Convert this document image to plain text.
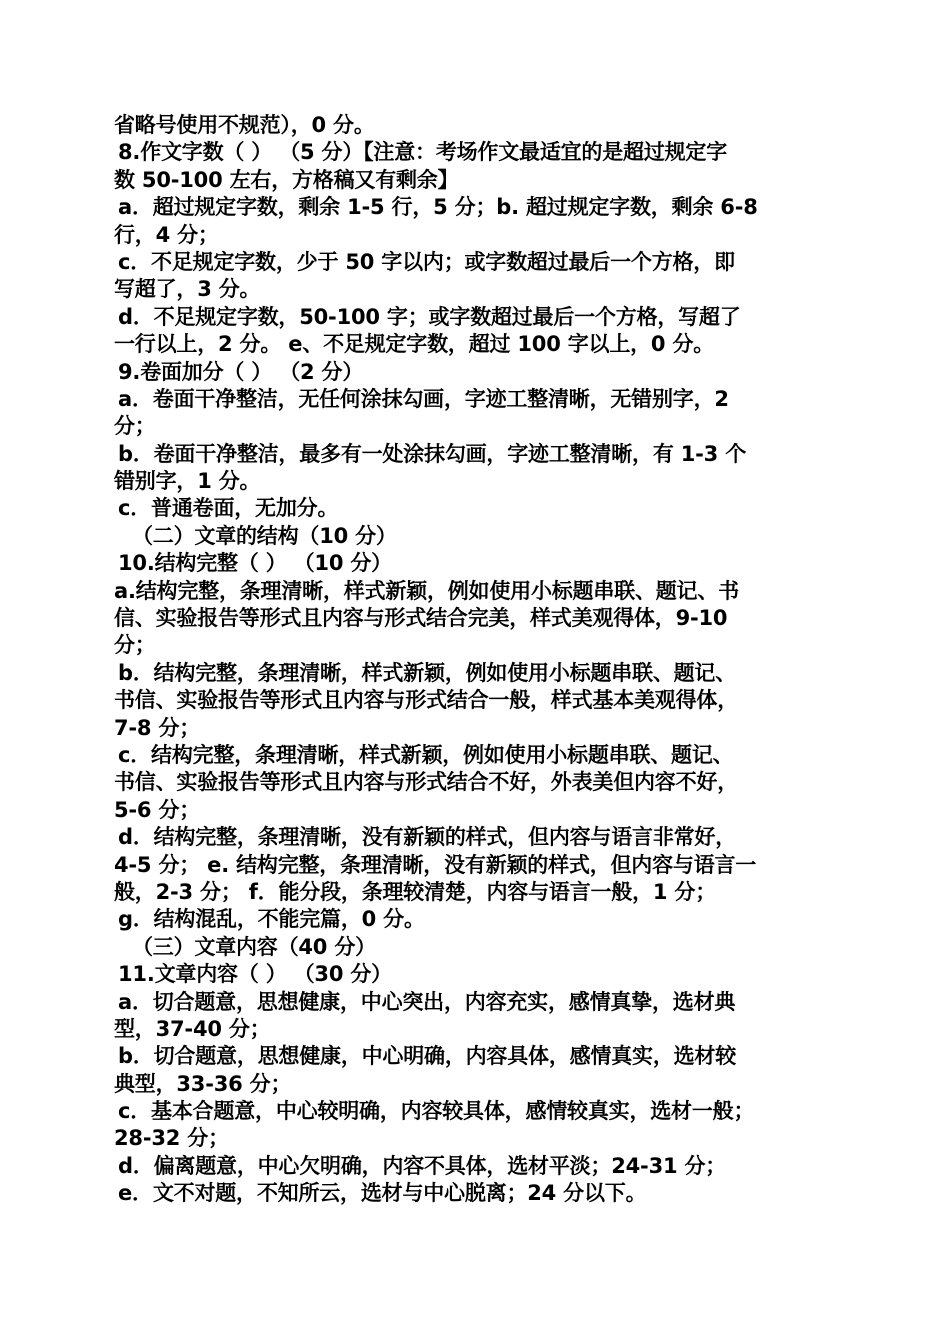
省略号使用不规范），0 分。
8.作文字数（ ） （5 分）【注意：考场作文最适宜的是超过规定字
数 50-100 左右，方格稿又有剩余】
a．超过规定字数，剩余 1-5 行，5 分；b. 超过规定字数，剩余 6-8
行，4 分；
c．不足规定字数，少于 50 字以内；或字数超过最后一个方格，即
写超了，3 分。
d．不足规定字数，50-100 字；或字数超过最后一个方格，写超了
一行以上，2 分。 e、不足规定字数，超过 100 字以上，0 分。
9.卷面加分（ ） （2 分）
a．卷面干净整洁，无任何涂抹勾画，字迹工整清晰，无错别字，2
分；
b．卷面干净整洁，最多有一处涂抹勾画，字迹工整清晰，有 1-3 个
错别字，1 分。
c．普通卷面，无加分。
（二）文章的结构（10 分）
10.结构完整（ ） （10 分）
a.结构完整，条理清晰，样式新颖，例如使用小标题串联、题记、书
信、实验报告等形式且内容与形式结合完美，样式美观得体，9-10
分；
b．结构完整，条理清晰，样式新颖，例如使用小标题串联、题记、
书信、实验报告等形式且内容与形式结合一般，样式基本美观得体，
7-8 分；
c．结构完整，条理清晰，样式新颖，例如使用小标题串联、题记、
书信、实验报告等形式且内容与形式结合不好，外表美但内容不好，
5-6 分；
d．结构完整，条理清晰，没有新颖的样式，但内容与语言非常好，
4-5 分； e. 结构完整，条理清晰，没有新颖的样式，但内容与语言一
般，2-3 分； f．能分段，条理较清楚，内容与语言一般，1 分；
g．结构混乱，不能完篇，0 分。
（三）文章内容（40 分）
11.文章内容（ ） （30 分）
a．切合题意，思想健康，中心突出，内容充实，感情真挚，选材典
型，37-40 分；
b．切合题意，思想健康，中心明确，内容具体，感情真实，选材较
典型，33-36 分；
c．基本合题意，中心较明确，内容较具体，感情较真实，选材一般；
28-32 分；
d．偏离题意，中心欠明确，内容不具体，选材平淡；24-31 分；
e．文不对题，不知所云，选材与中心脱离；24 分以下。
